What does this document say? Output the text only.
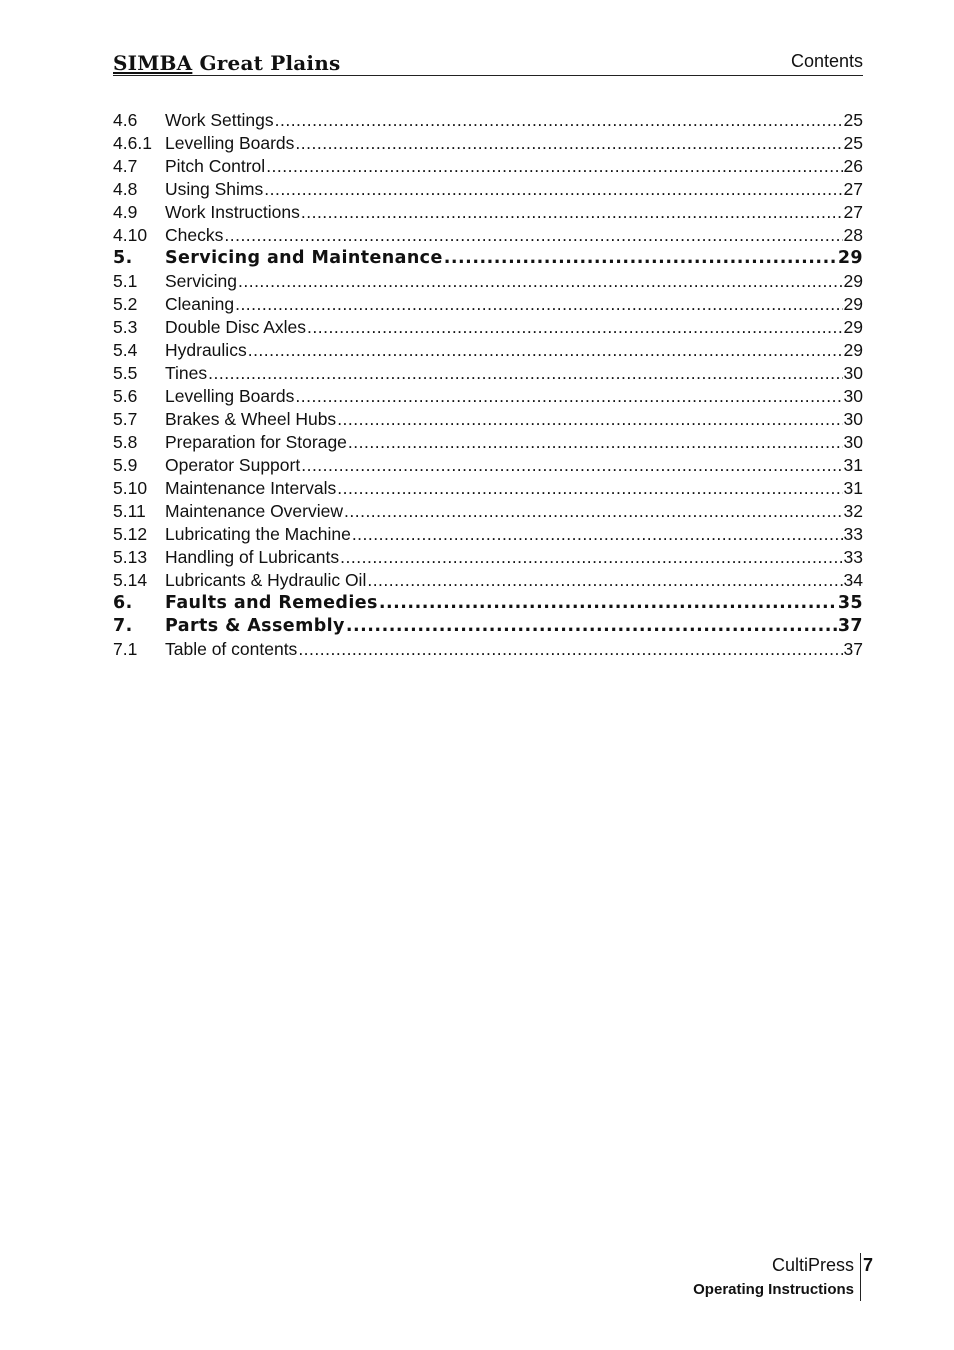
SIMBA Great Plains	Contents
4.6	Work Settings .....	25
4.6.1 Levelling Boards .....	25
4.7	Pitch Control .....	26
4.8	Using Shims .....	27
4.9	Work Instructions .....	27
4.10	Checks .....	28
5.	Servicing and Maintenance .....	29
5.1	Servicing .....	29
5.2	Cleaning .....	29
5.3	Double Disc Axles .....	29
5.4	Hydraulics .....	29
5.5	Tines .....	30
5.6	Levelling Boards .....	30
5.7	Brakes & Wheel Hubs .....	30
5.8	Preparation for Storage .....	30
5.9	Operator Support .....	31
5.10	Maintenance Intervals .....	31
5.11	Maintenance Overview .....	32
5.12	Lubricating the Machine .....	33
5.13	Handling of Lubricants .....	33
5.14	Lubricants & Hydraulic Oil .....	34
6.	Faults and Remedies .....	35
7.	Parts & Assembly .....	37
7.1	Table of contents .....	37
CultiPress
Operating Instructions
7
